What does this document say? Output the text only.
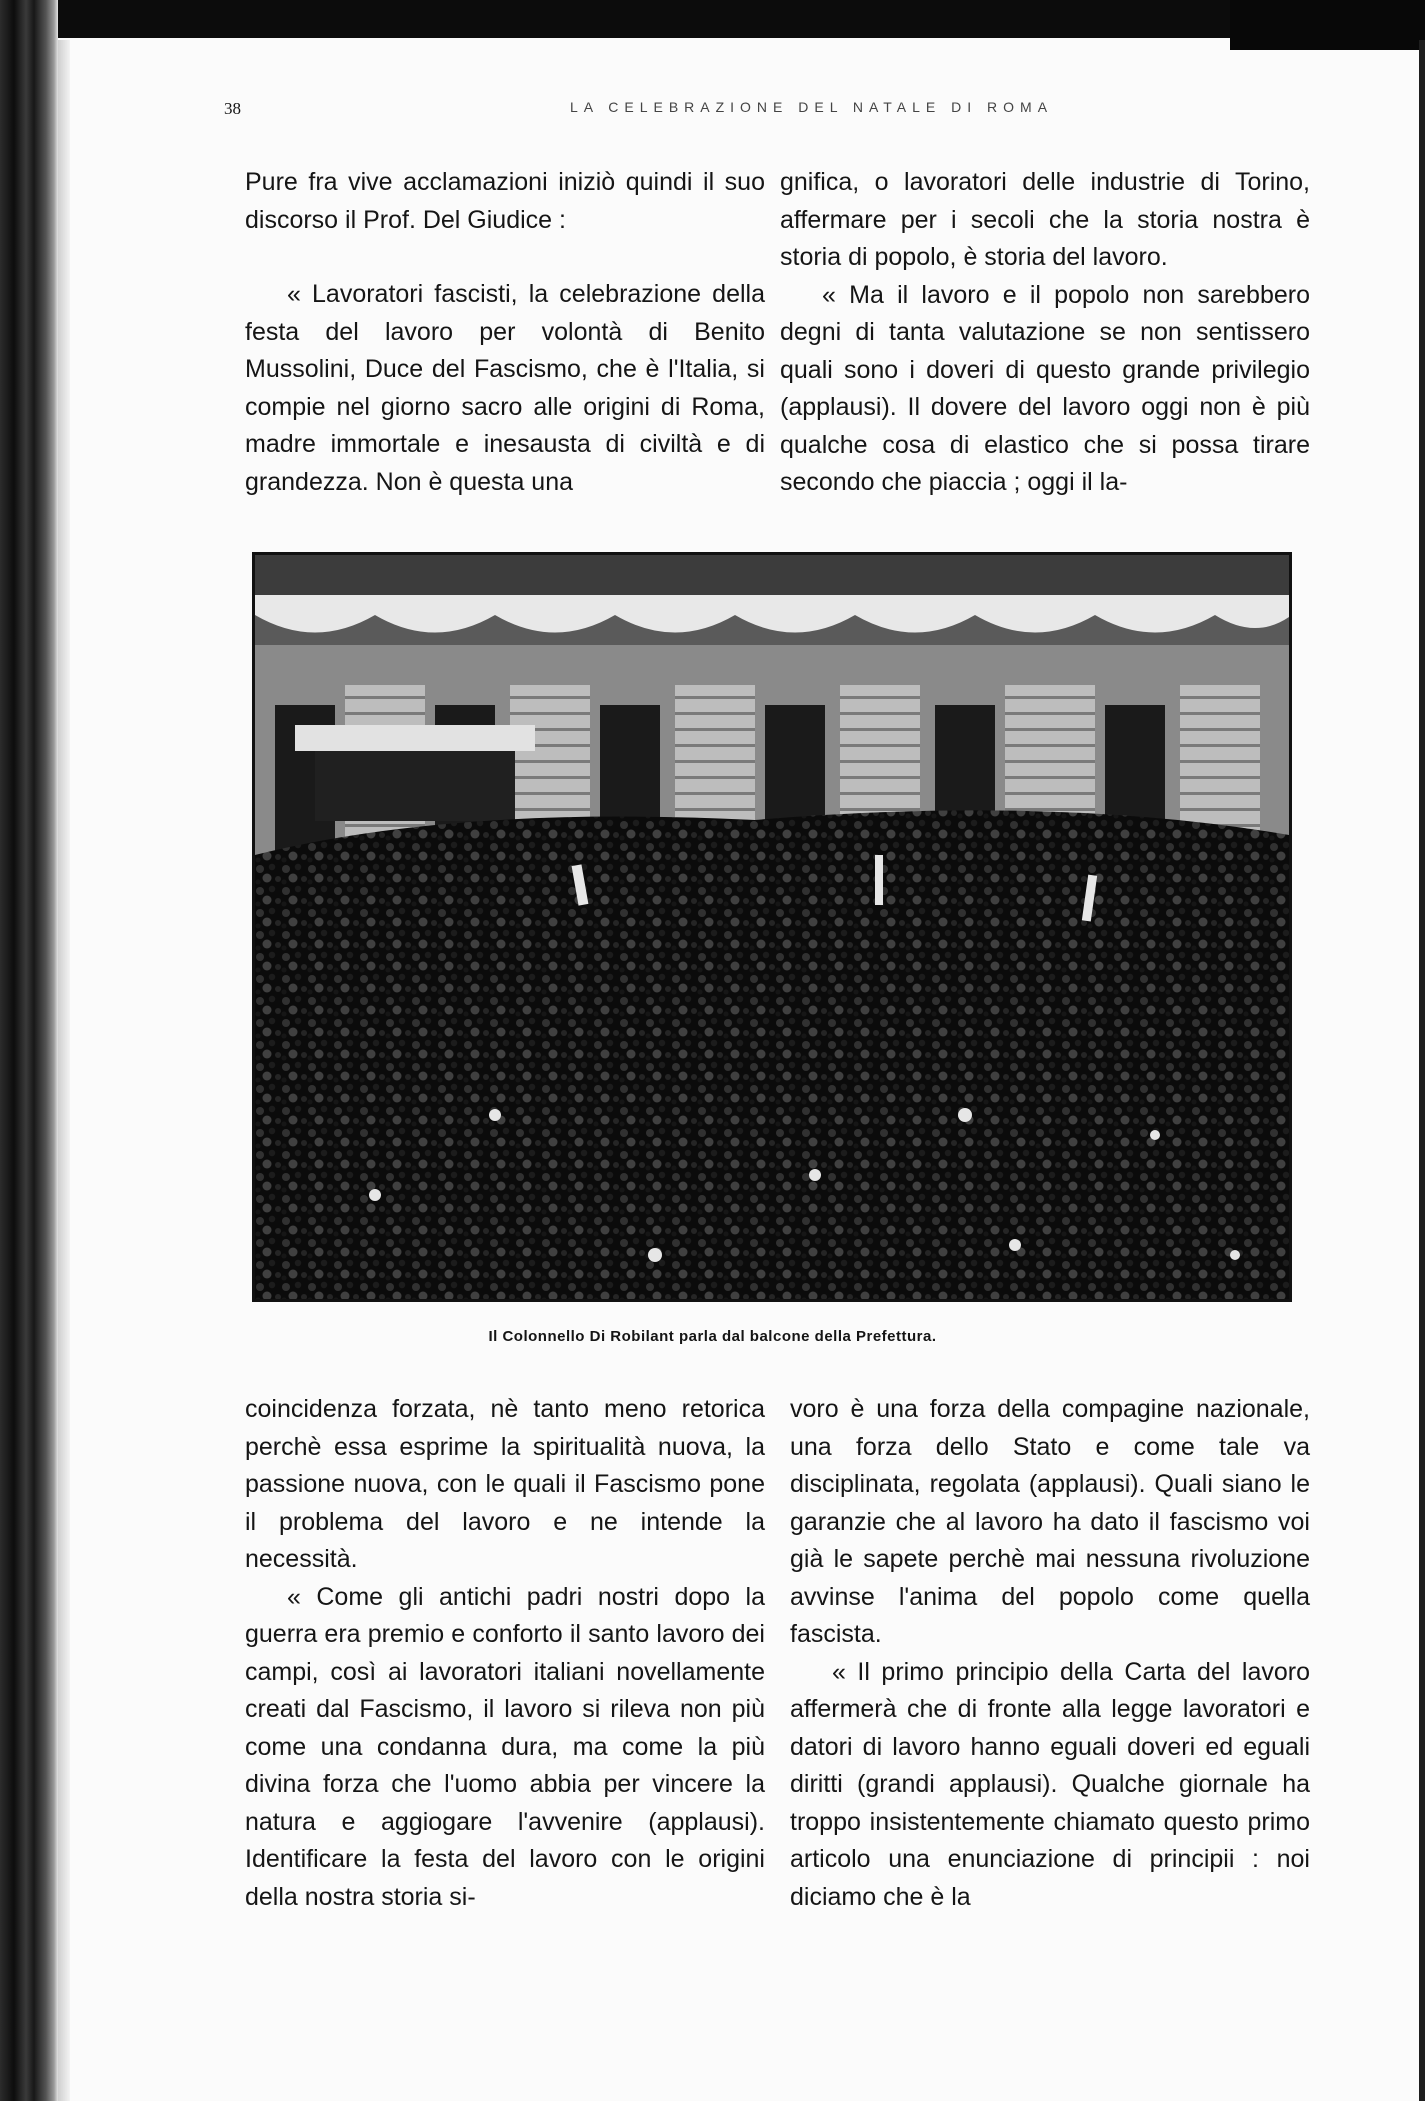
38	LA CELEBRAZIONE DEL NATALE DI ROMA

Pure fra vive acclamazioni iniziò quindi il suo discorso il Prof. Del Giudice :

« Lavoratori fascisti, la celebrazione della festa del lavoro per volontà di Benito Mussolini, Duce del Fascismo, che è l'Italia, si compie nel giorno sacro alle origini di Roma, madre immortale e inesausta di civiltà e di grandezza. Non è questa una

gnifica, o lavoratori delle industrie di Torino, affermare per i secoli che la storia nostra è storia di popolo, è storia del lavoro.

« Ma il lavoro e il popolo non sarebbero degni di tanta valutazione se non sentissero quali sono i doveri di questo grande privilegio (applausi). Il dovere del lavoro oggi non è più qualche cosa di elastico che si possa tirare secondo che piaccia ; oggi il la-

Il Colonnello Di Robilant parla dal balcone della Prefettura.

coincidenza forzata, nè tanto meno retorica perchè essa esprime la spiritualità nuova, la passione nuova, con le quali il Fascismo pone il problema del lavoro e ne intende la necessità.

« Come gli antichi padri nostri dopo la guerra era premio e conforto il santo lavoro dei campi, così ai lavoratori italiani novellamente creati dal Fascismo, il lavoro si rileva non più come una condanna dura, ma come la più divina forza che l'uomo abbia per vincere la natura e aggiogare l'avvenire (applausi). Identificare la festa del lavoro con le origini della nostra storia si-

voro è una forza della compagine nazionale, una forza dello Stato e come tale va disciplinata, regolata (applausi). Quali siano le garanzie che al lavoro ha dato il fascismo voi già le sapete perchè mai nessuna rivoluzione avvinse l'anima del popolo come quella fascista.

« Il primo principio della Carta del lavoro affermerà che di fronte alla legge lavoratori e datori di lavoro hanno eguali doveri ed eguali diritti (grandi applausi). Qualche giornale ha troppo insistentemente chiamato questo primo articolo una enunciazione di principii : noi diciamo che è la
